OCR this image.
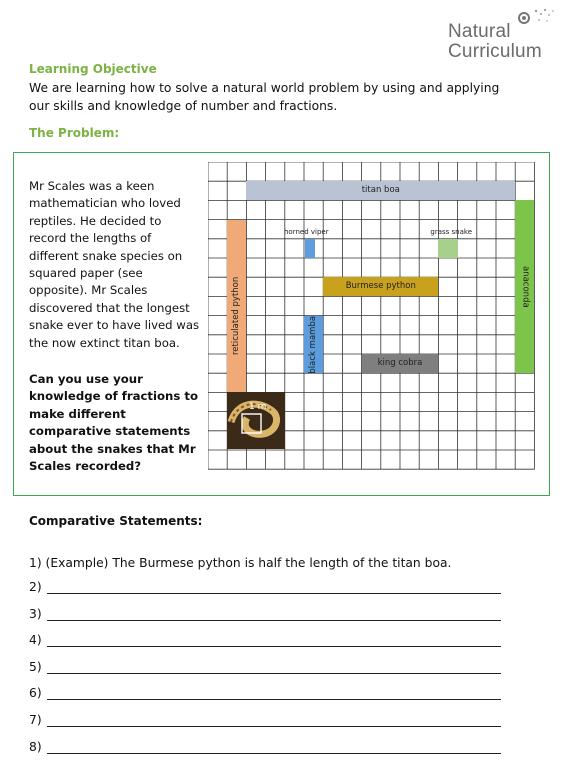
Natural
Curriculum
Learning Objective
We are learning how to solve a natural world problem by using and applying our skills and knowledge of number and fractions.
The Problem:
Mr Scales was a keen mathematician who loved reptiles. He decided to record the lengths of different snake species on squared paper (see opposite). Mr Scales discovered that the longest snake ever to have lived was the now extinct titan boa.
Can you use your knowledge of fractions to make different comparative statements about the snakes that Mr Scales recorded?
titan boa
horned viper	grass snake
Burmese python
reticulated python	anaconda
black mamba	king cobra
1 m
Comparative Statements:
1) (Example) The Burmese python is half the length of the titan boa.
2)
3)
4)
5)
6)
7)
8)
